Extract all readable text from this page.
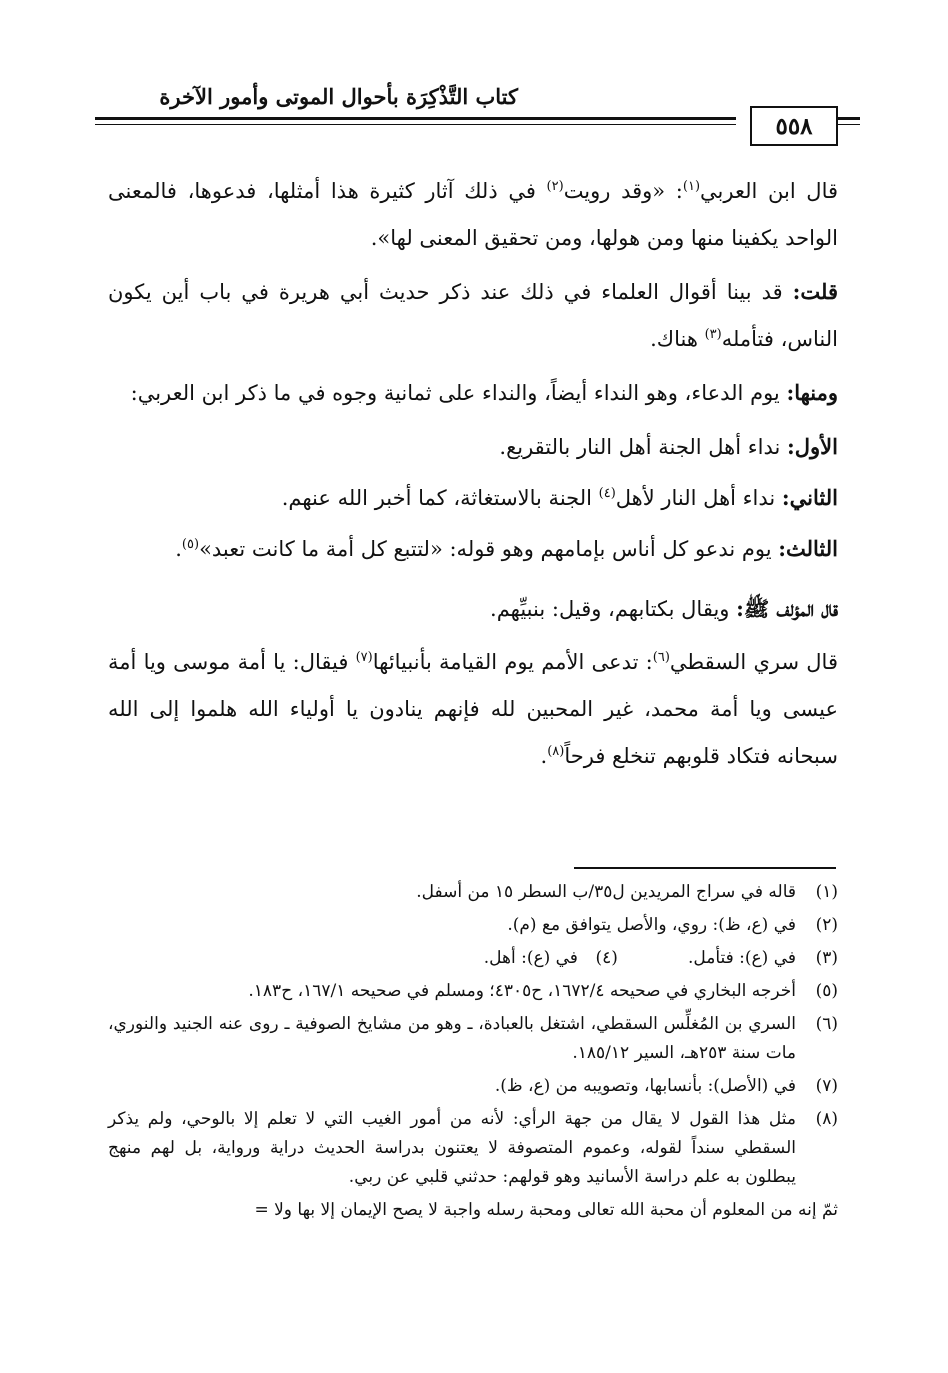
كتاب التَّذْكِرَة بأحوال الموتى وأمور الآخرة
٥٥٨

قال ابن العربي$^{(١)}$: «وقد رويت$^{(٢)}$ في ذلك آثار كثيرة هذا أمثلها، فدعوها، فالمعنى الواحد يكفينا منها ومن هولها، ومن تحقيق المعنى لها».

قلت: قد بينا أقوال العلماء في ذلك عند ذكر حديث أبي هريرة في باب أين يكون الناس، فتأمله$^{(٣)}$ هناك.

ومنها: يوم الدعاء، وهو النداء أيضاً، والنداء على ثمانية وجوه في ما ذكر ابن العربي:

الأول: نداء أهل الجنة أهل النار بالتقريع.

الثاني: نداء أهل النار لأهل$^{(٤)}$ الجنة بالاستغاثة، كما أخبر الله عنهم.

الثالث: يوم ندعو كل أناس بإمامهم وهو قوله: «لتتبع كل أمة ما كانت تعبد»$^{(٥)}$.

قال المؤلف ﷺ: ويقال بكتابهم، وقيل: بنبيِّهم.

قال سري السقطي$^{(٦)}$: تدعى الأمم يوم القيامة بأنبيائها$^{(٧)}$ فيقال: يا أمة موسى ويا أمة عيسى ويا أمة محمد، غير المحبين لله فإنهم ينادون يا أولياء الله هلموا إلى الله سبحانه فتكاد قلوبهم تنخلع فرحاً$^{(٨)}$.

(١)
قاله في سراج المريدين ل٣٥/ب السطر ١٥ من أسفل.
(٢)
في (ع، ظ): روي، والأصل يتوافق مع (م).
(٣)
في (ع): فتأمل.
(٤)
في (ع): أهل.
(٥)
أخرجه البخاري في صحيحه ١٦٧٢/٤، ح٤٣٠٥؛ ومسلم في صحيحه ١٦٧/١، ح١٨٣.
(٦)
السري بن المُغلِّس السقطي، اشتغل بالعبادة، ـ وهو من مشايخ الصوفية ـ روى عنه الجنيد والنوري، مات سنة ٢٥٣هـ، السير ١٨٥/١٢.
(٧)
في (الأصل): بأنسابها، وتصويبه من (ع، ظ).
(٨)
مثل هذا القول لا يقال من جهة الرأي: لأنه من أمور الغيب التي لا تعلم إلا بالوحي، ولم يذكر السقطي سنداً لقوله، وعموم المتصوفة لا يعتنون بدراسة الحديث دراية ورواية، بل لهم منهج يبطلون به علم دراسة الأسانيد وهو قولهم: حدثني قلبي عن ربي.

ثمّ إنه من المعلوم أن محبة الله تعالى ومحبة رسله واجبة لا يصح الإيمان إلا بها ولا =
